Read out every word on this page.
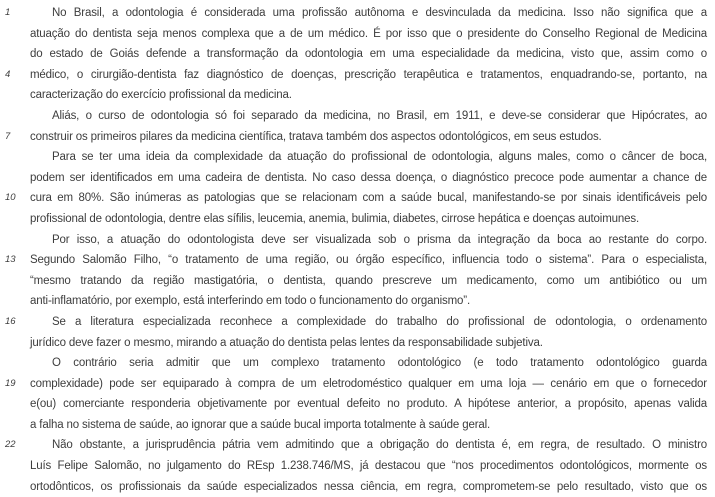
1	No Brasil, a odontologia é considerada uma profissão autônoma e desvinculada da medicina. Isso não significa que a
atuação do dentista seja menos complexa que a de um médico. É por isso que o presidente do Conselho Regional de Medicina
do estado de Goiás defende a transformação da odontologia em uma especialidade da medicina, visto que, assim como o
4	médico, o cirurgião-dentista faz diagnóstico de doenças, prescrição terapêutica e tratamentos, enquadrando-se, portanto, na
caracterização do exercício profissional da medicina.
Aliás, o curso de odontologia só foi separado da medicina, no Brasil, em 1911, e deve-se considerar que Hipócrates, ao
7	construir os primeiros pilares da medicina científica, tratava também dos aspectos odontológicos, em seus estudos.
Para se ter uma ideia da complexidade da atuação do profissional de odontologia, alguns males, como o câncer de boca,
podem ser identificados em uma cadeira de dentista. No caso dessa doença, o diagnóstico precoce pode aumentar a chance de
10	cura em 80%. São inúmeras as patologias que se relacionam com a saúde bucal, manifestando-se por sinais identificáveis pelo
profissional de odontologia, dentre elas sífilis, leucemia, anemia, bulimia, diabetes, cirrose hepática e doenças autoimunes.
Por isso, a atuação do odontologista deve ser visualizada sob o prisma da integração da boca ao restante do corpo.
13	Segundo Salomão Filho, “o tratamento de uma região, ou órgão específico, influencia todo o sistema”. Para o especialista,
“mesmo tratando da região mastigatória, o dentista, quando prescreve um medicamento, como um antibiótico ou um
anti-inflamatório, por exemplo, está interferindo em todo o funcionamento do organismo”.
16	Se a literatura especializada reconhece a complexidade do trabalho do profissional de odontologia, o ordenamento
jurídico deve fazer o mesmo, mirando a atuação do dentista pelas lentes da responsabilidade subjetiva.
O contrário seria admitir que um complexo tratamento odontológico (e todo tratamento odontológico guarda
19	complexidade) pode ser equiparado à compra de um eletrodoméstico qualquer em uma loja — cenário em que o fornecedor
e(ou) comerciante responderia objetivamente por eventual defeito no produto. A hipótese anterior, a propósito, apenas valida
a falha no sistema de saúde, ao ignorar que a saúde bucal importa totalmente à saúde geral.
22	Não obstante, a jurisprudência pátria vem admitindo que a obrigação do dentista é, em regra, de resultado. O ministro
Luís Felipe Salomão, no julgamento do REsp 1.238.746/MS, já destacou que “nos procedimentos odontológicos, mormente os
ortodônticos, os profissionais da saúde especializados nessa ciência, em regra, comprometem-se pelo resultado, visto que os
